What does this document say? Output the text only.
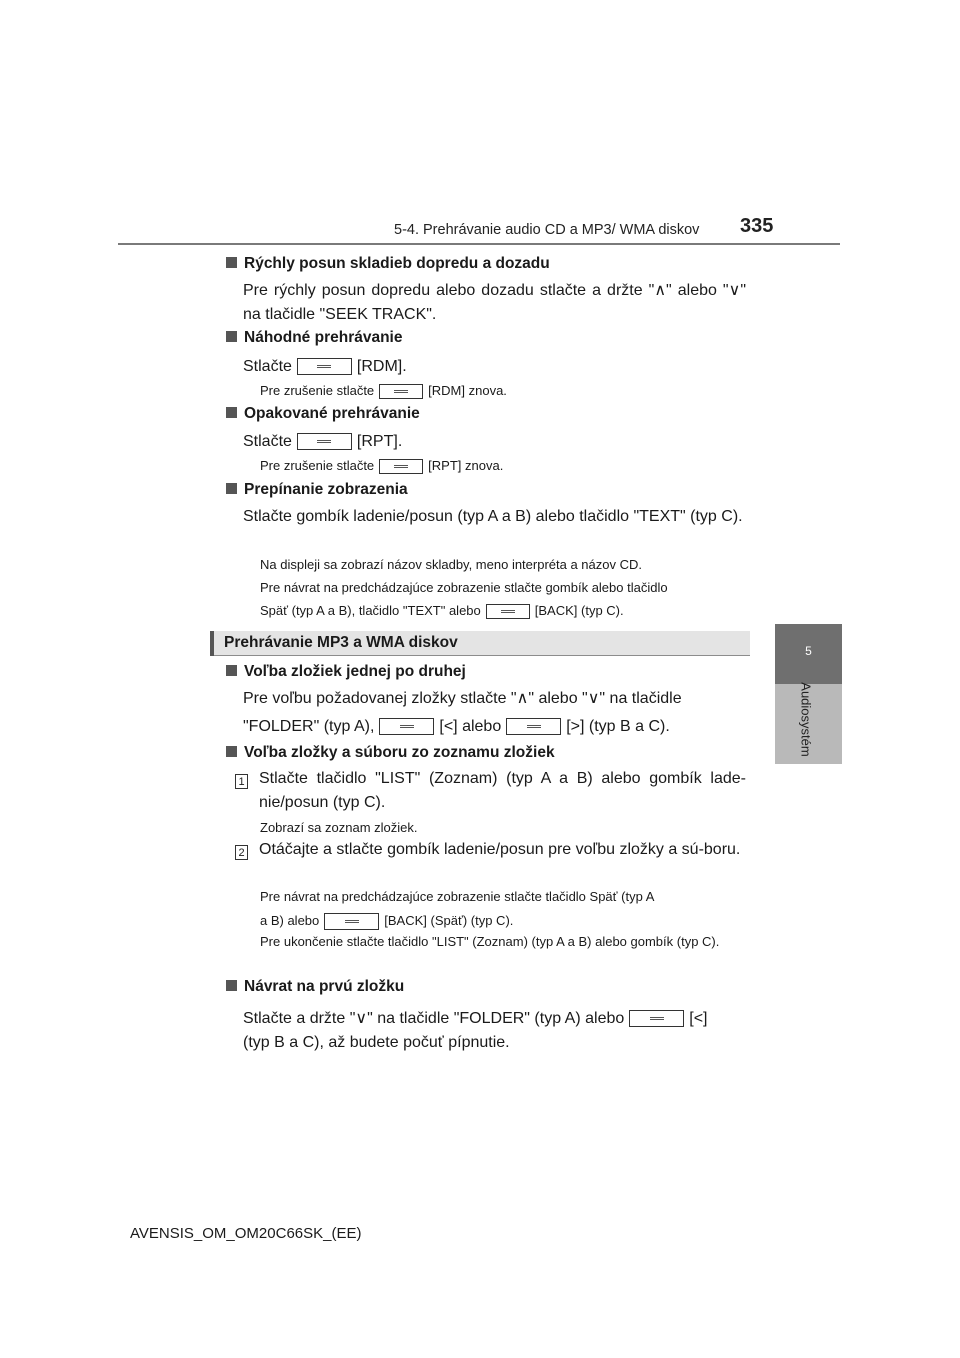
5-4. Prehrávanie audio CD a MP3/ WMA diskov 335
5
Audiosystém
Rýchly posun skladieb dopredu a dozadu
Pre rýchly posun dopredu alebo dozadu stlačte a držte "∧" alebo "∨" na tlačidle "SEEK TRACK".
Náhodné prehrávanie
Stlačte	[RDM].
Pre zrušenie stlačte	[RDM] znova.
Opakované prehrávanie
Stlačte	[RPT].
Pre zrušenie stlačte	[RPT] znova.
Prepínanie zobrazenia
Stlačte gombík ladenie/posun (typ A a B) alebo tlačidlo "TEXT" (typ C).
Na displeji sa zobrazí názov skladby, meno interpréta a názov CD.
Pre návrat na predchádzajúce zobrazenie stlačte gombík alebo tlačidlo
Späť (typ A a B), tlačidlo "TEXT" alebo	[BACK] (typ C).
Prehrávanie MP3 a WMA diskov
Voľba zložiek jednej po druhej
Pre voľbu požadovanej zložky stlačte "∧" alebo "∨" na tlačidle
"FOLDER" (typ A),	[<] alebo	[>] (typ B a C).
Voľba zložky a súboru zo zoznamu zložiek
1 Stlačte tlačidlo "LIST" (Zoznam) (typ A a B) alebo gombík lade-nie/posun (typ C).
Zobrazí sa zoznam zložiek.
2 Otáčajte a stlačte gombík ladenie/posun pre voľbu zložky a sú-boru.
Pre návrat na predchádzajúce zobrazenie stlačte tlačidlo Späť (typ A
a B) alebo	[BACK] (Späť) (typ C).
Pre ukončenie stlačte tlačidlo "LIST" (Zoznam) (typ A a B) alebo gombík (typ C).
Návrat na prvú zložku
Stlačte a držte "∨" na tlačidle "FOLDER" (typ A) alebo	[<]
(typ B a C), až budete počuť pípnutie.
AVENSIS_OM_OM20C66SK_(EE)
